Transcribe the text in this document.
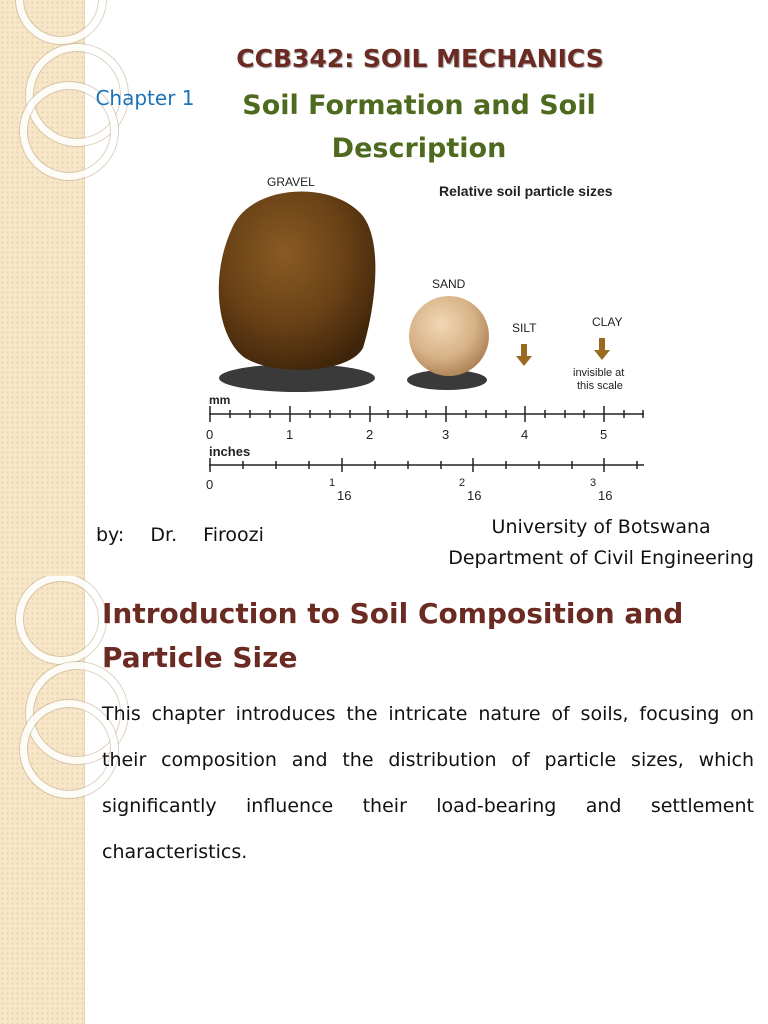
CCB342: SOIL MECHANICS
Chapter 1	Soil Formation and Soil Description
Relative soil particle sizes
GRAVEL
SAND
SILT	CLAY
invisible at
this scale
mm
0	1	2	3	4	5
inches
0	1
16
2
16
3
16
by: Dr. Firoozi	University of Botswana
Department of Civil Engineering
Introduction to Soil Composition and Particle Size
This chapter introduces the intricate nature of soils, focusing on their composition and the distribution of particle sizes, which significantly influence their load-bearing and settlement characteristics.
